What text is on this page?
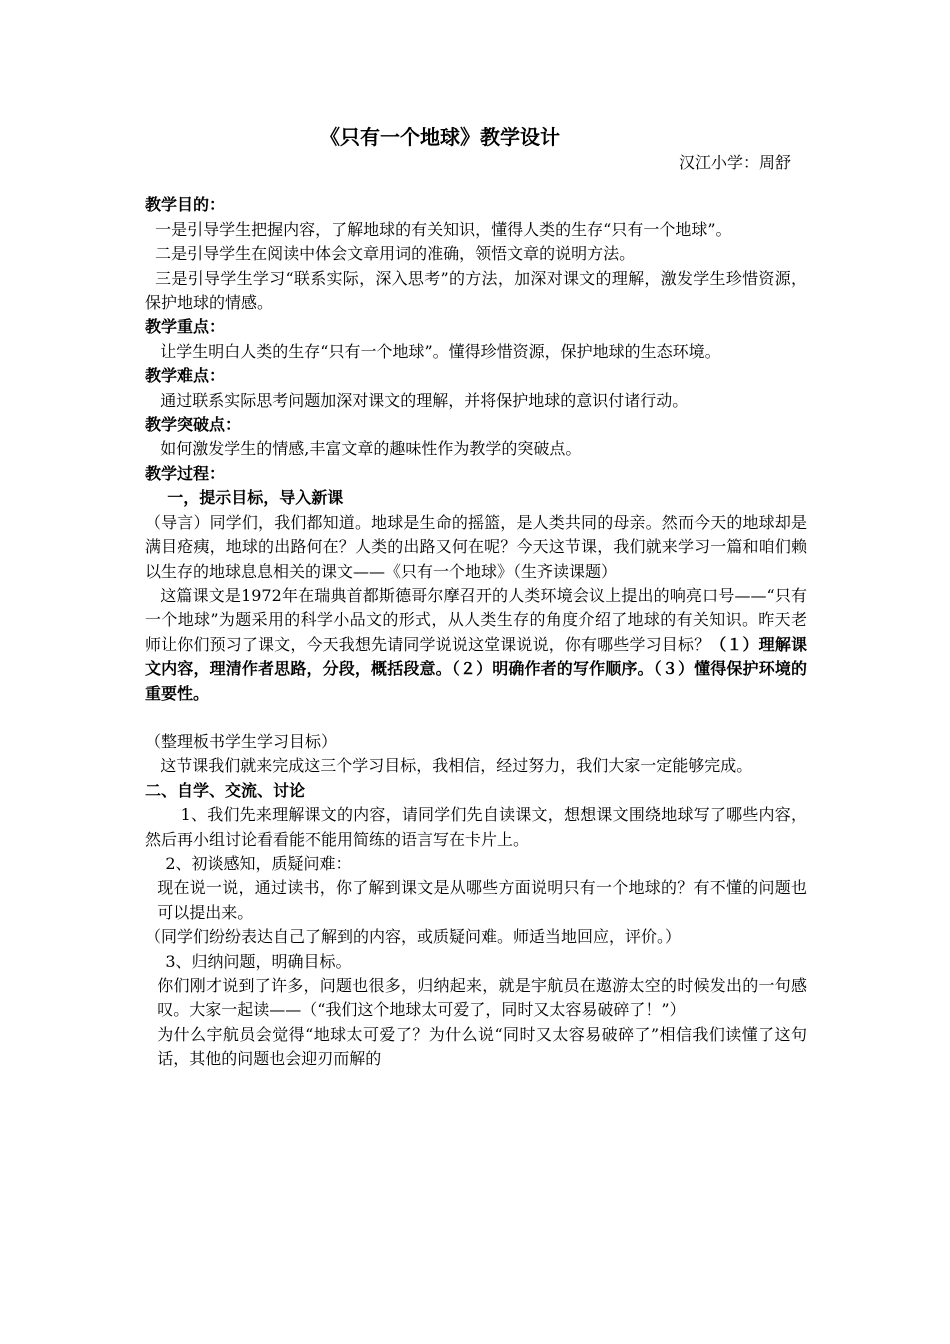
《只有一个地球》教学设计
汉江小学：周舒
教学目的：
一是引导学生把握内容，了解地球的有关知识，懂得人类的生存“只有一个地球”。
二是引导学生在阅读中体会文章用词的准确，领悟文章的说明方法。
三是引导学生学习“联系实际，深入思考”的方法，加深对课文的理解，激发学生珍惜资源，保护地球的情感。
教学重点：
让学生明白人类的生存“只有一个地球”。懂得珍惜资源，保护地球的生态环境。
教学难点：
通过联系实际思考问题加深对课文的理解，并将保护地球的意识付诸行动。
教学突破点：
如何激发学生的情感,丰富文章的趣味性作为教学的突破点。
教学过程：
一，提示目标，导入新课
（导言）同学们，我们都知道。地球是生命的摇篮，是人类共同的母亲。然而今天的地球却是满目疮痍，地球的出路何在？人类的出路又何在呢？今天这节课，我们就来学习一篇和咱们赖以生存的地球息息相关的课文——《只有一个地球》（生齐读课题）
这篇课文是1972年在瑞典首都斯德哥尔摩召开的人类环境会议上提出的响亮口号——“只有一个地球”为题采用的科学小品文的形式，从人类生存的角度介绍了地球的有关知识。昨天老师让你们预习了课文，今天我想先请同学说说这堂课说说，你有哪些学习目标？（１）理解课文内容，理清作者思路，分段，概括段意。（２）明确作者的写作顺序。（３）懂得保护环境的重要性。
（整理板书学生学习目标）
这节课我们就来完成这三个学习目标，我相信，经过努力，我们大家一定能够完成。
二、自学、交流、讨论
1、我们先来理解课文的内容，请同学们先自读课文，想想课文围绕地球写了哪些内容，然后再小组讨论看看能不能用简练的语言写在卡片上。
2、初谈感知，质疑问难：
现在说一说，通过读书，你了解到课文是从哪些方面说明只有一个地球的？有不懂的问题也可以提出来。
（同学们纷纷表达自己了解到的内容，或质疑问难。师适当地回应，评价。）
3、归纳问题，明确目标。
你们刚才说到了许多，问题也很多，归纳起来，就是宇航员在遨游太空的时候发出的一句感叹。大家一起读——（“我们这个地球太可爱了，同时又太容易破碎了！”）
为什么宇航员会觉得“地球太可爱了？为什么说“同时又太容易破碎了”相信我们读懂了这句话，其他的问题也会迎刃而解的
